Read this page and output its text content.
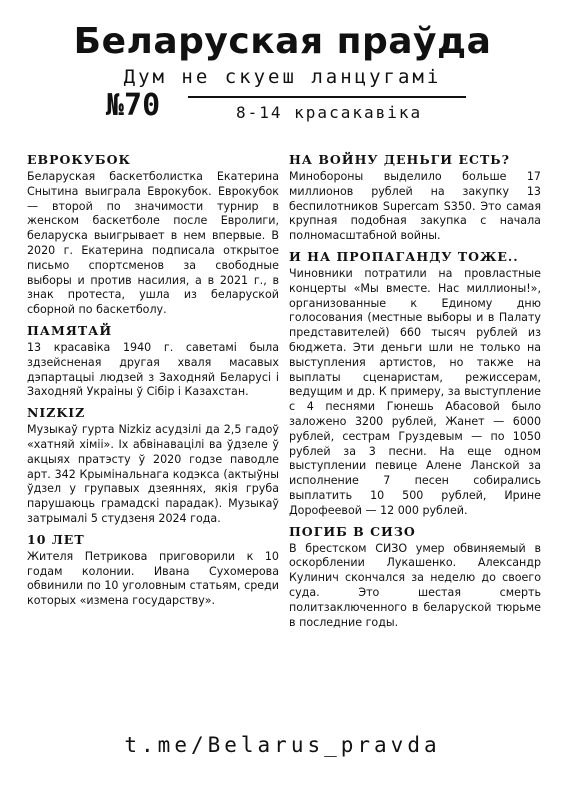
Беларуская праўда
Дум не скуеш ланцугамі
№70	8-14 красакавіка
ЕВРОКУБОК

Беларуская баскетболистка Екатерина Снытина выиграла Еврокубок. Еврокубок — второй по значимости турнир в женском баскетболе после Евролиги, беларуска выигрывает в нем впервые. В 2020 г. Екатерина подписала открытое письмо спортсменов за свободные выборы и против насилия, а в 2021 г., в знак протеста, ушла из беларуской сборной по баскетболу.

ПАМЯТАЙ

13 красавіка 1940 г. саветамі была здзейсненая другая хваля масавых дэпартацыі людзей з Заходняй Беларусі і Заходняй Украіны ў Сібір і Казахстан.

NIZKIZ

Музыкаў гурта Nizkiz асудзілі да 2,5 гадоў «хатняй хіміі». Іх абвінавацілі ва ўдзеле ў акцыях пратэсту ў 2020 годзе паводле арт. 342 Крымінальнага кодэкса (актыўны ўдзел у групавых дзеяннях, якія груба парушаюць грамадскі парадак). Музыкаў затрымалі 5 студзеня 2024 года.

10 ЛЕТ

Жителя Петрикова приговорили к 10 годам колонии. Ивана Сухомерова обвинили по 10 уголовным статьям, среди которых «измена государству».

НА ВОЙНУ ДЕНЬГИ ЕСТЬ?

Минобороны выделило больше 17 миллионов рублей на закупку 13 беспилотников Supercam S350. Это самая крупная подобная закупка с начала полномасштабной войны.

И НА ПРОПАГАНДУ ТОЖЕ..

Чиновники потратили на провластные концерты «Мы вместе. Нас миллионы!», организованные к Единому дню голосования (местные выборы и в Палату представителей) 660 тысяч рублей из бюджета. Эти деньги шли не только на выступления артистов, но также на выплаты сценаристам, режиссерам, ведущим и др. К примеру, за выступление с 4 песнями Гюнешь Абасовой было заложено 3200 рублей, Жанет — 6000 рублей, сестрам Груздевым — по 1050 рублей за 3 песни. На еще одном выступлении певице Алене Ланской за исполнение 7 песен собирались выплатить 10 500 рублей, Ирине Дорофеевой — 12 000 рублей.

ПОГИБ В СИЗО

В брестском СИЗО умер обвиняемый в оскорблении Лукашенко. Александр Кулинич скончался за неделю до своего суда. Это шестая смерть политзаключенного в беларуской тюрьме в последние годы.

t.me/Belarus_pravda
